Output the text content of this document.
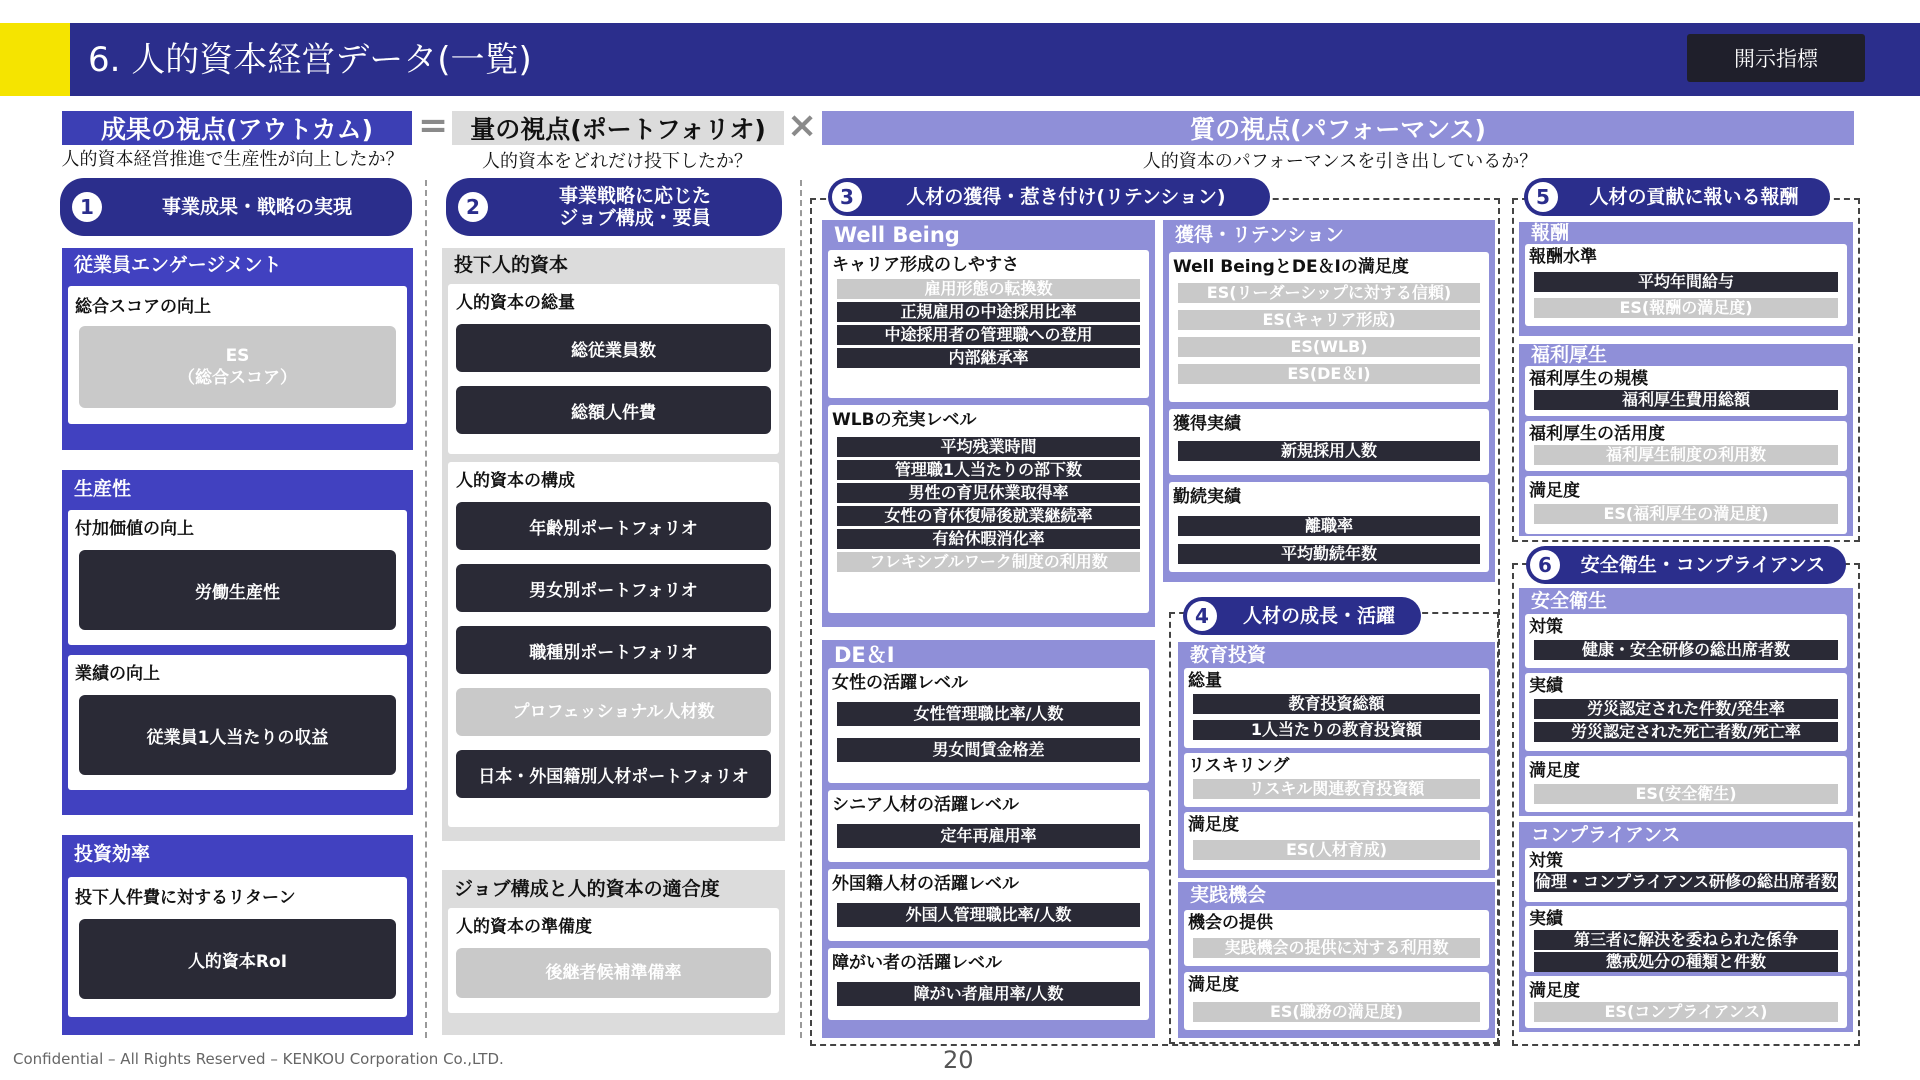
6. 人的資本経営データ(一覧)	開示指標
成果の視点(アウトカム)	= 量の視点(ポートフォリオ) ×	質の視点(パフォーマンス)
人的資本経営推進で生産性が向上したか？	人的資本をどれだけ投下したか？	人的資本のパフォーマンスを引き出しているか？
1	事業成果・戦略の実現
従業員エンゲージメント
総合スコアの向上
ES
（総合スコア）
生産性
付加価値の向上
労働生産性
業績の向上
従業員1人当たりの収益
投資効率
投下人件費に対するリターン
人的資本RoI
2	事業戦略に応じた
ジョブ構成・要員
投下人的資本
人的資本の総量
総従業員数
総額人件費
人的資本の構成
年齢別ポートフォリオ
男女別ポートフォリオ
職種別ポートフォリオ
プロフェッショナル人材数
日本・外国籍別人材ポートフォリオ
ジョブ構成と人的資本の適合度
人的資本の準備度
後継者候補準備率
3	人材の獲得・惹き付け(リテンション)
Well Being
キャリア形成のしやすさ
雇用形態の転換数
正規雇用の中途採用比率
中途採用者の管理職への登用
内部継承率
WLBの充実レベル
平均残業時間
管理職1人当たりの部下数
男性の育児休業取得率
女性の育休復帰後就業継続率
有給休暇消化率
フレキシブルワーク制度の利用数
獲得・リテンション
Well BeingとDE＆Iの満足度
ES(リーダーシップに対する信頼)
ES(キャリア形成)
ES(WLB)
ES(DE＆I)
獲得実績
新規採用人数
勤続実績
離職率
平均勤続年数
DE＆I
女性の活躍レベル
女性管理職比率/人数
男女間賃金格差
シニア人材の活躍レベル
定年再雇用率
外国籍人材の活躍レベル
外国人管理職比率/人数
障がい者の活躍レベル
障がい者雇用率/人数
4	人材の成長・活躍
教育投資
総量
教育投資総額
1人当たりの教育投資額
リスキリング
リスキル関連教育投資額
満足度
ES(人材育成)
実践機会
機会の提供
実践機会の提供に対する利用数
満足度
ES(職務の満足度)
5	人材の貢献に報いる報酬
報酬
報酬水準
平均年間給与
ES(報酬の満足度)
福利厚生
福利厚生の規模
福利厚生費用総額
福利厚生の活用度
福利厚生制度の利用数
満足度
ES(福利厚生の満足度)
6	安全衛生・コンプライアンス
安全衛生
対策
健康・安全研修の総出席者数
実績
労災認定された件数/発生率
労災認定された死亡者数/死亡率
満足度
ES(安全衛生)
コンプライアンス
対策
倫理・コンプライアンス研修の総出席者数
実績
第三者に解決を委ねられた係争
懲戒処分の種類と件数
満足度
ES(コンプライアンス)
Confidential – All Rights Reserved – KENKOU Corporation Co.,LTD.	20
